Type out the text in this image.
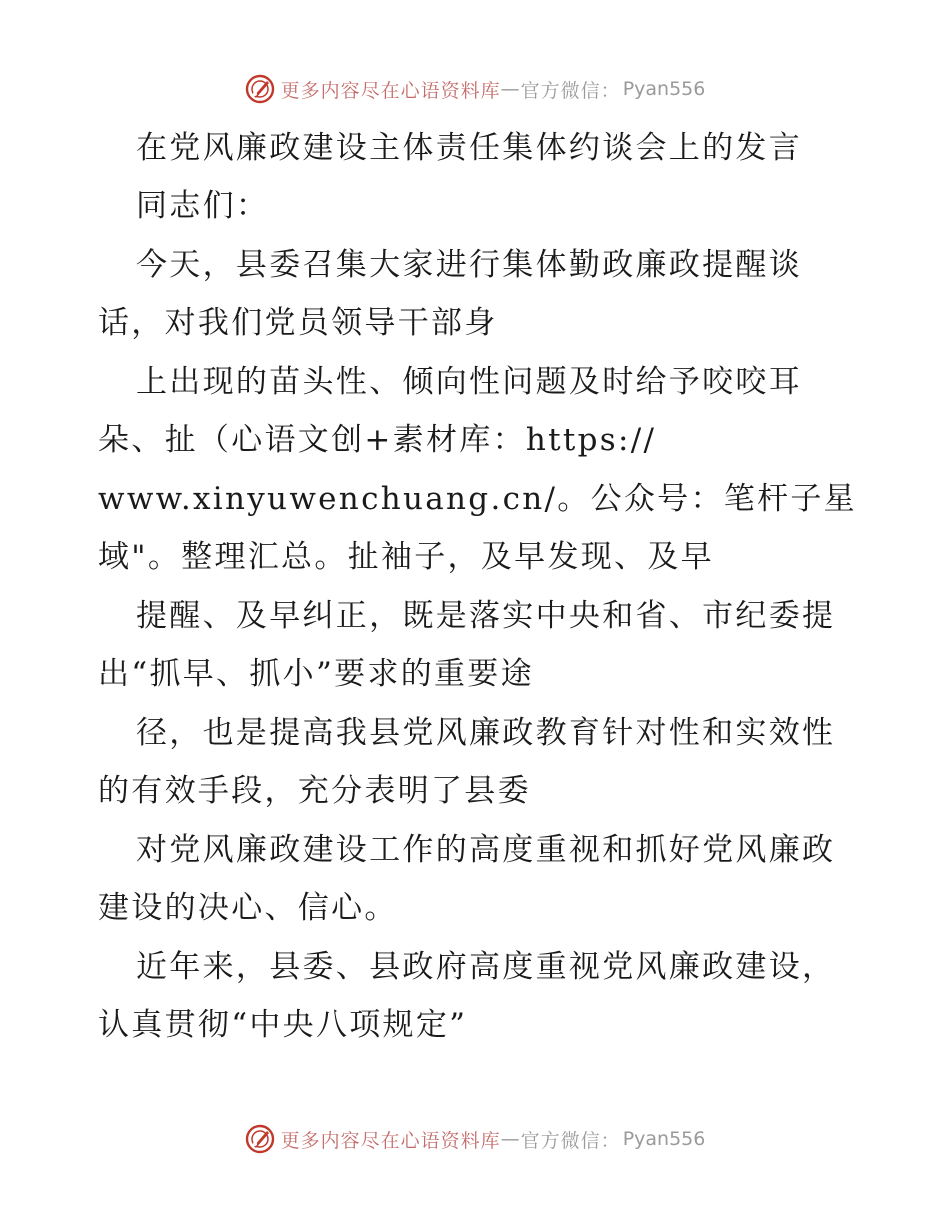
更多内容尽在心语资料库 — 官方微信： Pyan556
在党风廉政建设主体责任集体约谈会上的发言
同志们：
今天，县委召集大家进行集体勤政廉政提醒谈
话，对我们党员领导干部身
上出现的苗头性、倾向性问题及时给予咬咬耳
朵、扯（心语文创+素材库：https://
www.xinyuwenchuang.cn/。公众号：笔杆子星
域"。整理汇总。扯袖子，及早发现、及早
提醒、及早纠正，既是落实中央和省、市纪委提
出“抓早、抓小”要求的重要途
径，也是提高我县党风廉政教育针对性和实效性
的有效手段，充分表明了县委
对党风廉政建设工作的高度重视和抓好党风廉政
建设的决心、信心。
近年来，县委、县政府高度重视党风廉政建设，
认真贯彻“中央八项规定”
更多内容尽在心语资料库 — 官方微信： Pyan556
